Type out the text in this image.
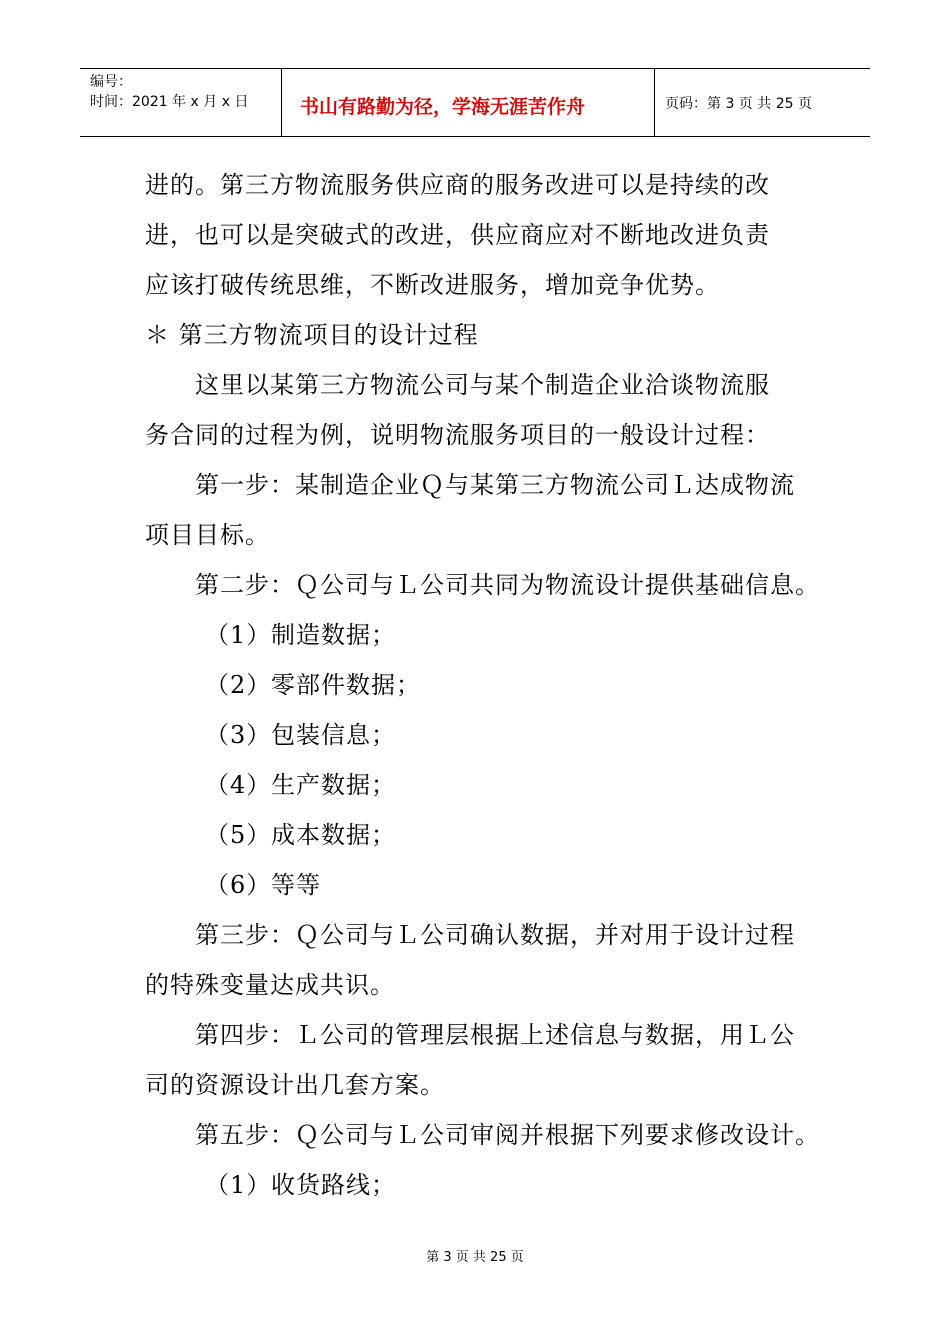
编号：
时间：2021 年 x 月 x 日	书山有路勤为径，学海无涯苦作舟	页码：第 3 页 共 25 页
进的。第三方物流服务供应商的服务改进可以是持续的改
进，也可以是突破式的改进，供应商应对不断地改进负责
应该打破传统思维，不断改进服务，增加竞争优势。
＊ 第三方物流项目的设计过程
这里以某第三方物流公司与某个制造企业洽谈物流服
务合同的过程为例，说明物流服务项目的一般设计过程：
第一步：某制造企业Ｑ与某第三方物流公司Ｌ达成物流
项目目标。
第二步：Ｑ公司与Ｌ公司共同为物流设计提供基础信息。
（1）制造数据；
（2）零部件数据；
（3）包装信息；
（4）生产数据；
（5）成本数据；
（6）等等
第三步：Ｑ公司与Ｌ公司确认数据，并对用于设计过程
的特殊变量达成共识。
第四步：Ｌ公司的管理层根据上述信息与数据，用Ｌ公
司的资源设计出几套方案。
第五步：Ｑ公司与Ｌ公司审阅并根据下列要求修改设计。
（1）收货路线；
第 3 页 共 25 页
